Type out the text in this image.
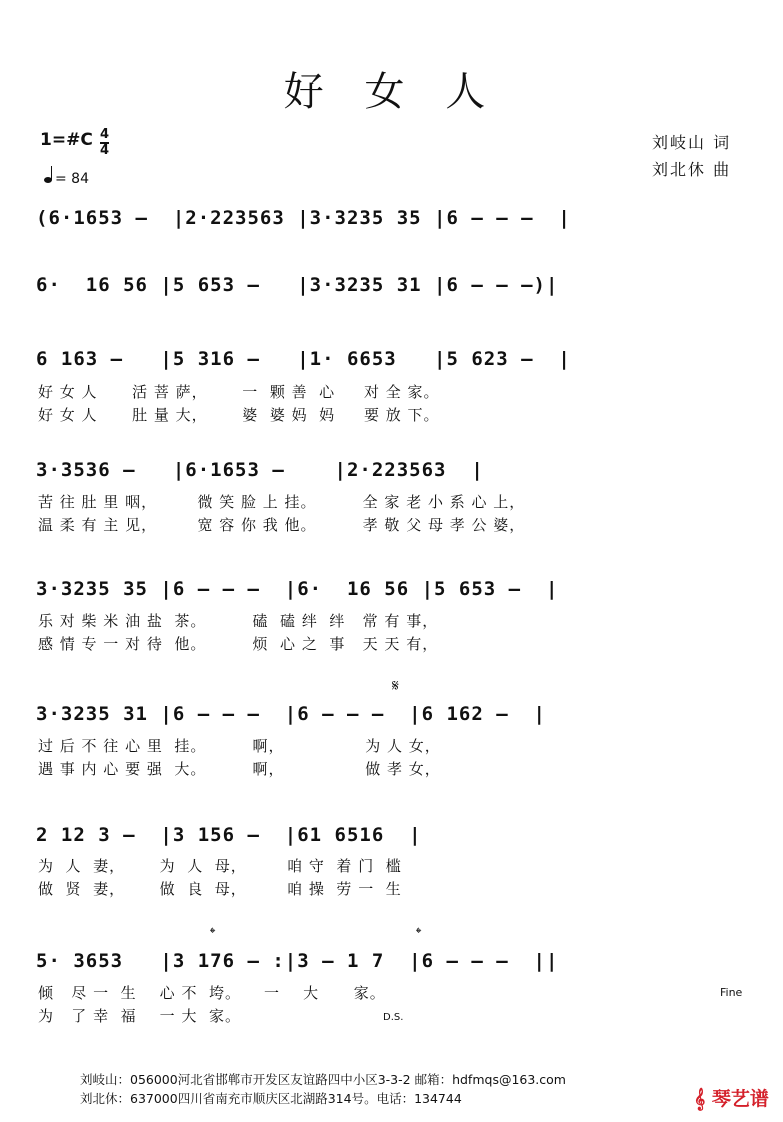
好 女 人
1=#C 4
4
= 84
刘岐山 词
刘北休 曲
(6·1653 –  |2·223563 |3·3235 35 |6 – – –  |
6·  16 56 |5 653 –   |3·3235 31 |6 – – –)|
6 163 –   |5 316 –   |1· 6653   |5 623 –  |
好 女 人      活 菩 萨，      一  颗 善  心     对 全 家。
好 女 人      肚 量 大，      婆  婆 妈  妈     要 放 下。
3·3536 –   |6·1653 –    |2·223563  |
苦 往 肚 里 咽，       微 笑 脸 上 挂。        全 家 老 小 系 心 上，
温 柔 有 主 见，       宽 容 你 我 他。        孝 敬 父 母 孝 公 婆，
3·3235 35 |6 – – –  |6·  16 56 |5 653 –  |
乐 对 柴 米 油 盐  茶。        磕  磕 绊  绊   常 有 事，
感 情 专 一 对 待  他。        烦  心 之  事   天 天 有，
𝄋
3·3235 31 |6 – – –  |6 – – –  |6 162 –  |
过 后 不 往 心 里  挂。        啊，              为 人 女，
遇 事 内 心 要 强  大。        啊，              做 孝 女，
2 12 3 –  |3 156 –  |61 6516  |
为  人  妻，      为  人  母，       咱 守  着 门  槛
做  贤  妻，      做  良  母，       咱 操  劳 一  生
𝄌	𝄌
5· 3653   |3 176 – :|3 – 1 7  |6 – – –  ||
倾   尽 一  生    心 不  垮。    一    大      家。
为   了 幸  福    一 大  家。
Fine
D.S.
刘岐山：056000河北省邯郸市开发区友谊路四中小区3-3-2 邮箱：hdfmqs@163.com
刘北休：637000四川省南充市顺庆区北湖路314号。电话：134744	𝄞 琴艺谱
